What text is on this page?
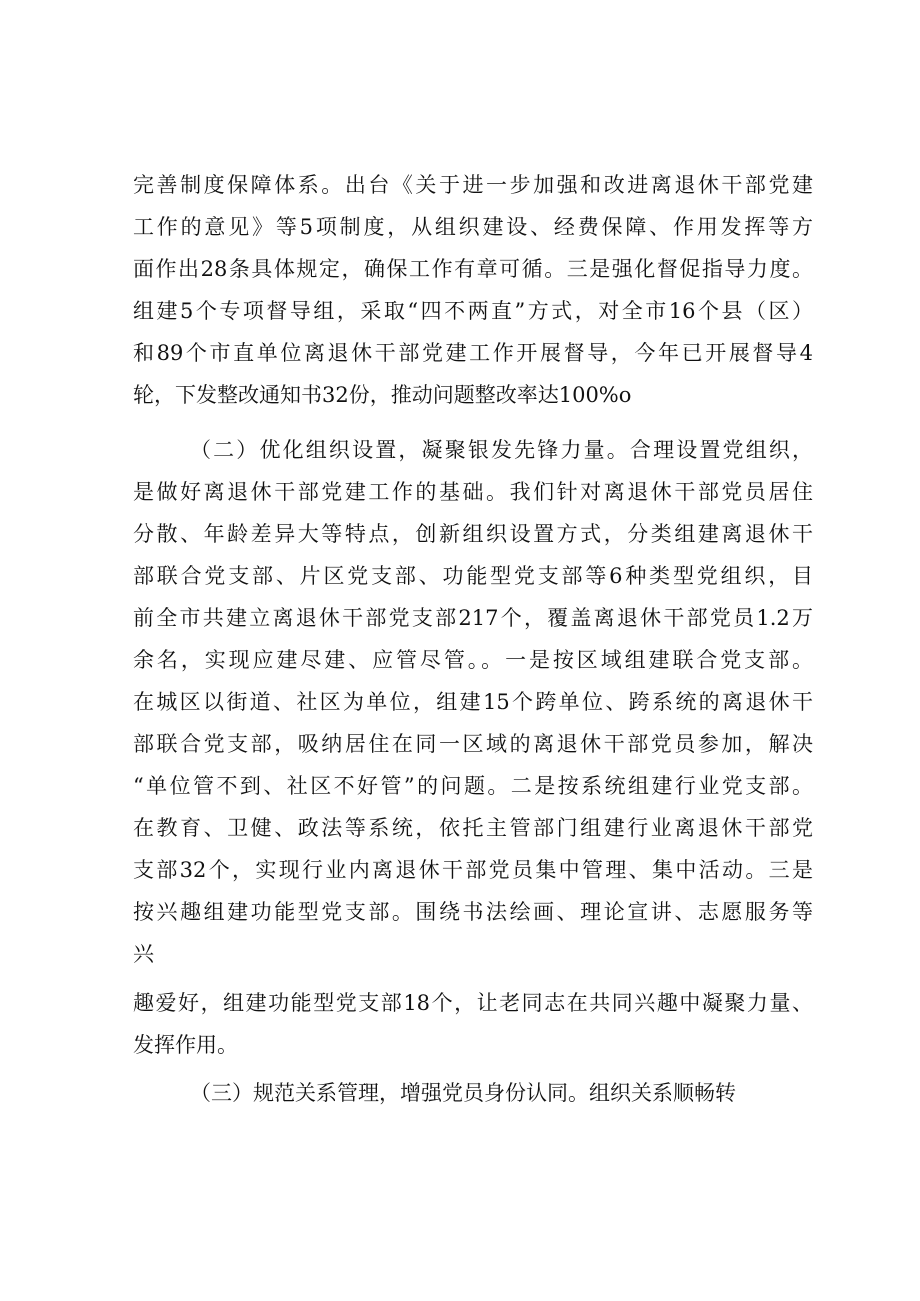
完善制度保障体系。出台《关于进一步加强和改进离退休干部党建
工作的意见》等5项制度，从组织建设、经费保障、作用发挥等方
面作出28条具体规定，确保工作有章可循。三是强化督促指导力度。
组建5个专项督导组，采取“四不两直”方式，对全市16个县（区）
和89个市直单位离退休干部党建工作开展督导，今年已开展督导4
轮，下发整改通知书32份，推动问题整改率达100%o
（二）优化组织设置，凝聚银发先锋力量。合理设置党组织，
是做好离退休干部党建工作的基础。我们针对离退休干部党员居住
分散、年龄差异大等特点，创新组织设置方式，分类组建离退休干
部联合党支部、片区党支部、功能型党支部等6种类型党组织，目
前全市共建立离退休干部党支部217个，覆盖离退休干部党员1.2万
余名，实现应建尽建、应管尽管。。一是按区域组建联合党支部。
在城区以街道、社区为单位，组建15个跨单位、跨系统的离退休干
部联合党支部，吸纳居住在同一区域的离退休干部党员参加，解决
“单位管不到、社区不好管”的问题。二是按系统组建行业党支部。
在教育、卫健、政法等系统，依托主管部门组建行业离退休干部党
支部32个，实现行业内离退休干部党员集中管理、集中活动。三是
按兴趣组建功能型党支部。围绕书法绘画、理论宣讲、志愿服务等
兴
趣爱好，组建功能型党支部18个，让老同志在共同兴趣中凝聚力量、
发挥作用。
（三）规范关系管理，增强党员身份认同。组织关系顺畅转
